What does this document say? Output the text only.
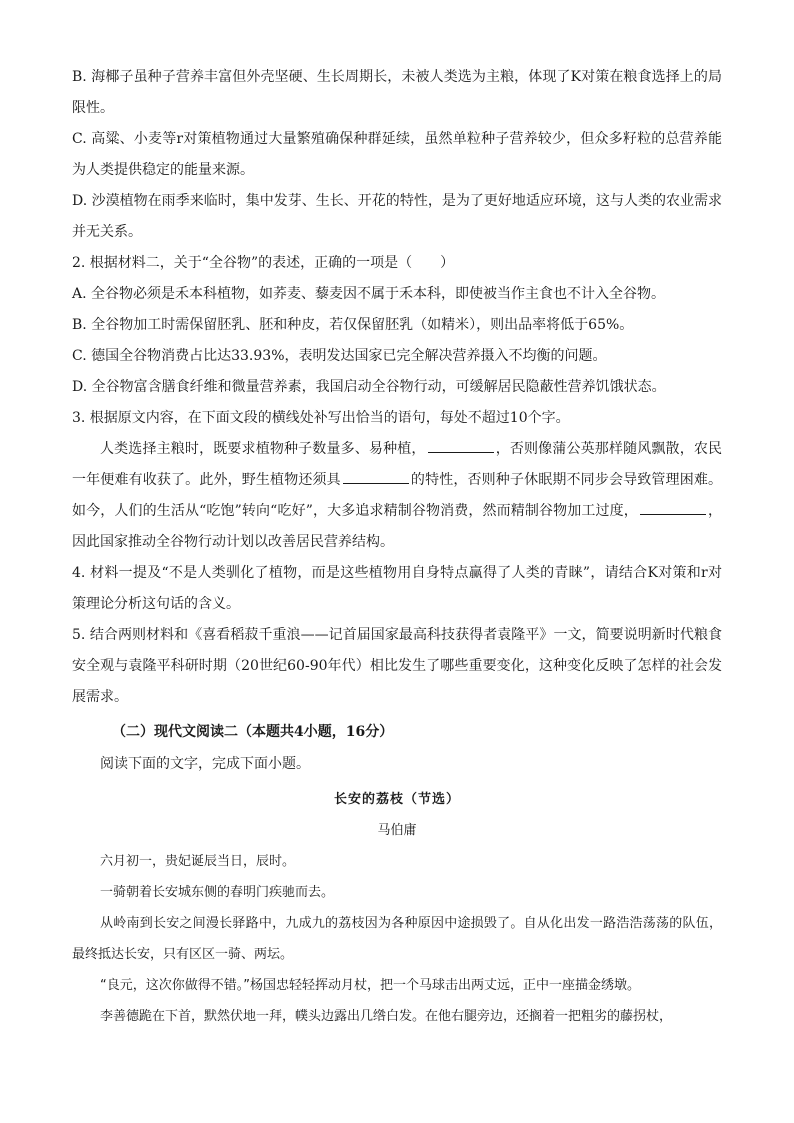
B. 海椰子虽种子营养丰富但外壳坚硬、生长周期长，未被人类选为主粮，体现了K对策在粮食选择上的局限性。

C. 高粱、小麦等r对策植物通过大量繁殖确保种群延续，虽然单粒种子营养较少，但众多籽粒的总营养能为人类提供稳定的能量来源。

D. 沙漠植物在雨季来临时，集中发芽、生长、开花的特性，是为了更好地适应环境，这与人类的农业需求并无关系。

2. 根据材料二，关于“全谷物”的表述，正确的一项是（　　）

A. 全谷物必须是禾本科植物，如荞麦、藜麦因不属于禾本科，即使被当作主食也不计入全谷物。

B. 全谷物加工时需保留胚乳、胚和种皮，若仅保留胚乳（如精米），则出品率将低于65%。

C. 德国全谷物消费占比达33.93%，表明发达国家已完全解决营养摄入不均衡的问题。

D. 全谷物富含膳食纤维和微量营养素，我国启动全谷物行动，可缓解居民隐蔽性营养饥饿状态。

3. 根据原文内容，在下面文段的横线处补写出恰当的语句，每处不超过10个字。

人类选择主粮时，既要求植物种子数量多、易种植，	，否则像蒲公英那样随风飘散，农民一年便难有收获了。此外，野生植物还须具	的特性，否则种子休眠期不同步会导致管理困难。如今，人们的生活从“吃饱”转向“吃好”，大多追求精制谷物消费，然而精制谷物加工过度，	，因此国家推动全谷物行动计划以改善居民营养结构。

4. 材料一提及“不是人类驯化了植物，而是这些植物用自身特点赢得了人类的青睐”，请结合K对策和r对策理论分析这句话的含义。

5. 结合两则材料和《喜看稻菽千重浪——记首届国家最高科技获得者袁隆平》一文，简要说明新时代粮食安全观与袁隆平科研时期（20世纪60-90年代）相比发生了哪些重要变化，这种变化反映了怎样的社会发展需求。

（二）现代文阅读二（本题共4小题，16分）

阅读下面的文字，完成下面小题。

长安的荔枝（节选）

马伯庸

六月初一，贵妃诞辰当日，辰时。

一骑朝着长安城东侧的春明门疾驰而去。

从岭南到长安之间漫长驿路中，九成九的荔枝因为各种原因中途损毁了。自从化出发一路浩浩荡荡的队伍，最终抵达长安，只有区区一骑、两坛。

“良元，这次你做得不错。”杨国忠轻轻挥动月杖，把一个马球击出两丈远，正中一座描金绣墩。

李善德跪在下首，默然伏地一拜，幞头边露出几绺白发。在他右腿旁边，还搁着一把粗劣的藤拐杖，
